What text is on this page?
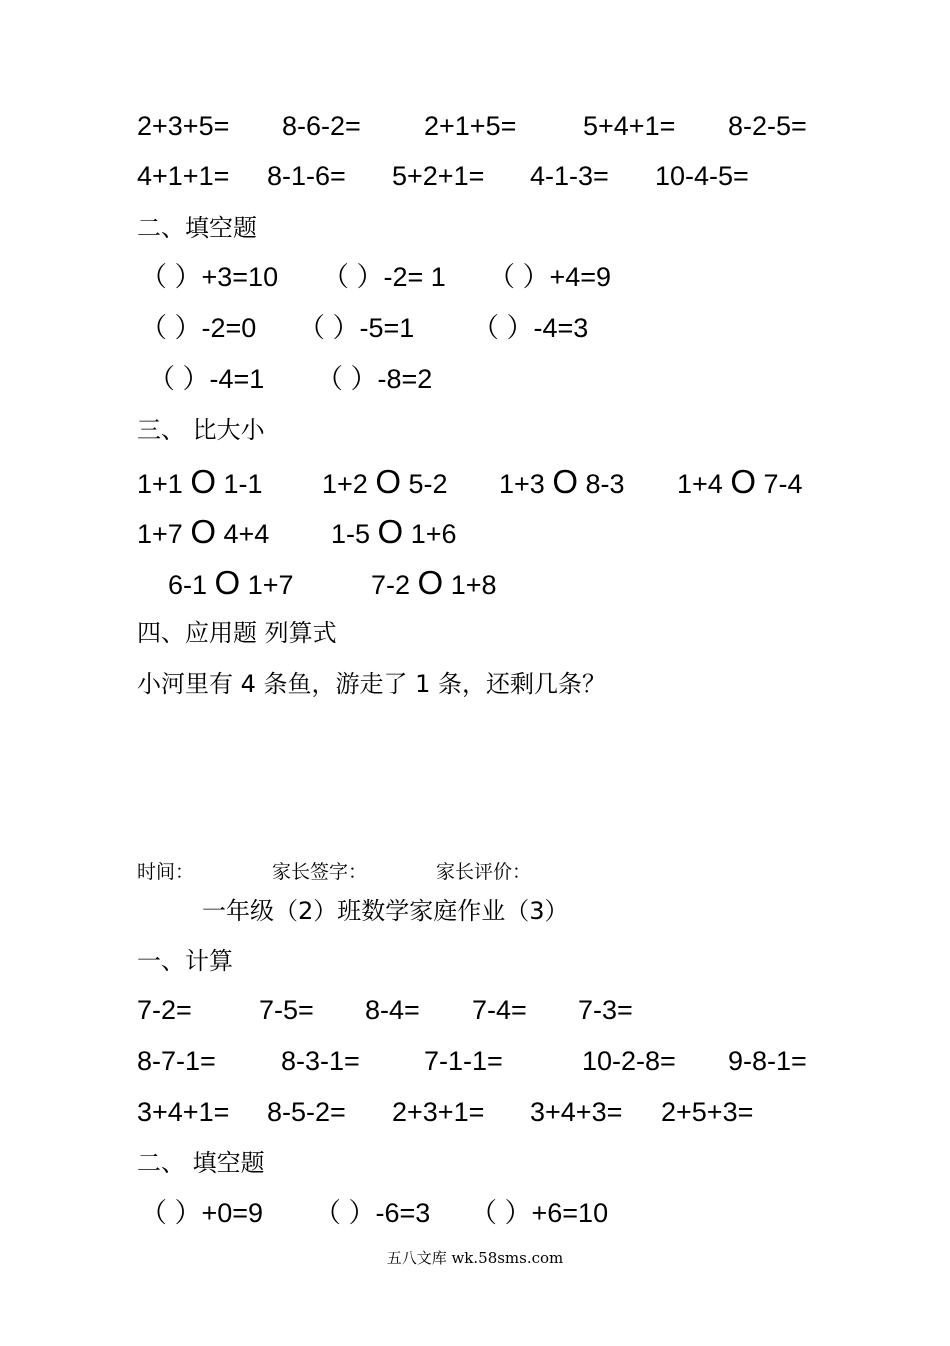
2+3+5= 8-6-2= 2+1+5= 5+4+1= 8-2-5=
4+1+1= 8-1-6= 5+2+1= 4-1-3= 10-4-5=
二、填空题
（ ）+3=10 （ ）-2= 1 （ ）+4=9
（ ）-2=0 （ ）-5=1 （ ）-4=3
（ ）-4=1 （ ）-8=2
三、 比大小
1+1 O 1-1 1+2 O 5-2 1+3 O 8-3 1+4 O 7-4
1+7 O 4+4 1-5 O 1+6
6-1 O 1+7	7-2 O 1+8
四、应用题 列算式
小河里有 4 条鱼，游走了 1 条，还剩几条？
时间：	家长签字：	家长评价：
一年级（2）班数学家庭作业（3）
一、计算
7-2= 7-5= 8-4= 7-4= 7-3=
8-7-1= 8-3-1= 7-1-1=	10-2-8= 9-8-1=
3+4+1= 8-5-2= 2+3+1= 3+4+3= 2+5+3=
二、 填空题
（ ）+0=9 （ ）-6=3 （ ）+6=10
五八文库 wk.58sms.com
